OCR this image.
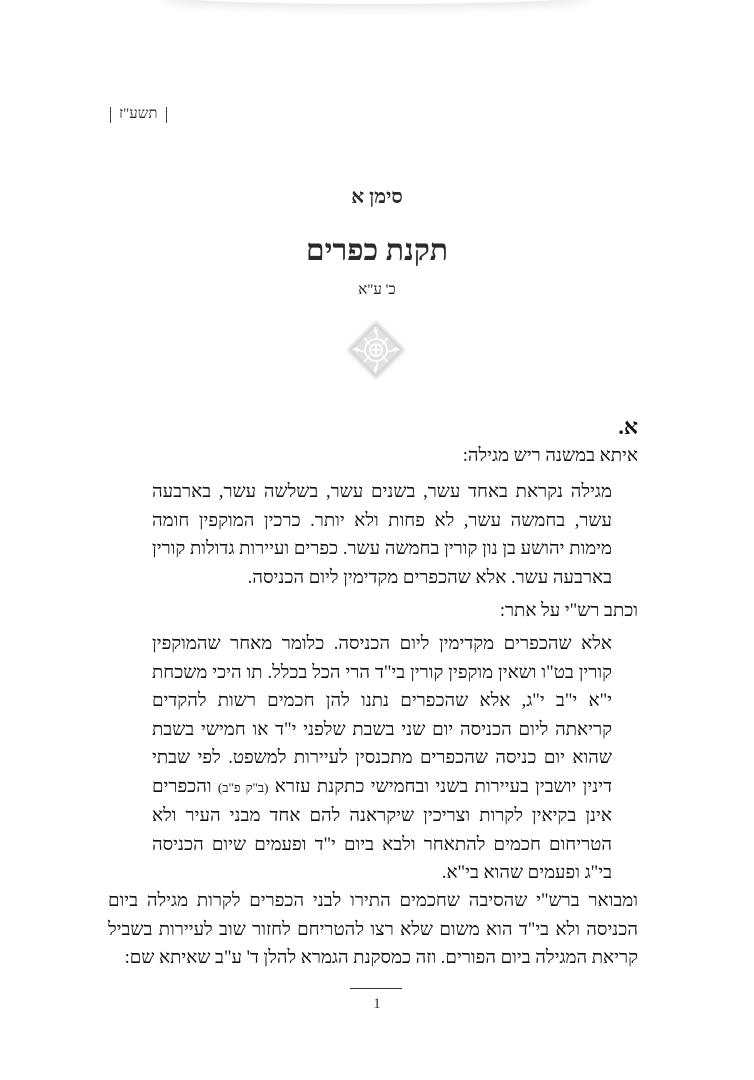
תשע"ז
סימן א
תקנת כפרים
כ' ע"א
א.
איתא במשנה ריש מגילה:
מגילה נקראת באחד עשר, בשנים עשר, בשלשה עשר, בארבעה עשר, בחמשה עשר, לא פחות ולא יותר. כרכין המוקפין חומה מימות יהושע בן נון קורין בחמשה עשר. כפרים ועיירות גדולות קורין בארבעה עשר. אלא שהכפרים מקדימין ליום הכניסה.
וכתב רש"י על אתר:
אלא שהכפרים מקדימין ליום הכניסה. כלומר מאחר שהמוקפין קורין בט"ו ושאין מוקפין קורין בי"ד הרי הכל בכלל. תו היכי משכחת י"א י"ב י"ג, אלא שהכפרים נתנו להן חכמים רשות להקדים קריאתה ליום הכניסה יום שני בשבת שלפני י"ד או חמישי בשבת שהוא יום כניסה שהכפרים מתכנסין לעיירות למשפט. לפי שבתי דינין יושבין בעיירות בשני ובחמישי כתקנת עזרא (ב"ק פ"ב) והכפרים אינן בקיאין לקרות וצריכין שיקראנה להם אחד מבני העיר ולא הטריחום חכמים להתאחר ולבא ביום י"ד ופעמים שיום הכניסה בי"ג ופעמים שהוא בי"א.
ומבואר ברש"י שהסיבה שחכמים התירו לבני הכפרים לקרות מגילה ביום הכניסה ולא בי"ד הוא משום שלא רצו להטריחם לחזור שוב לעיירות בשביל קריאת המגילה ביום הפורים. וזה כמסקנת הגמרא להלן ד' ע"ב שאיתא שם:
1
